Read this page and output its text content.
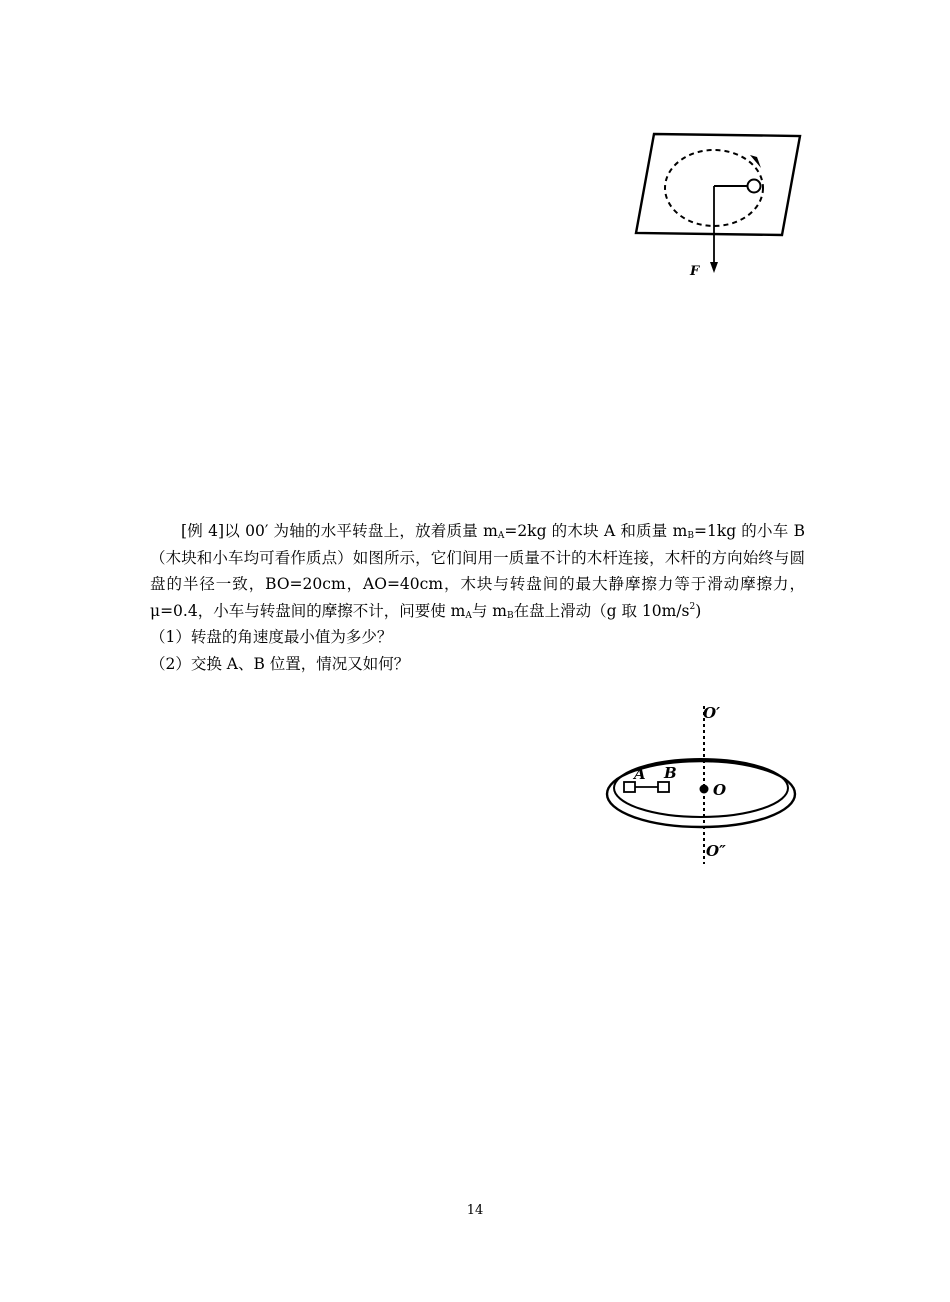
F

[例 4]以 00′ 为轴的水平转盘上，放着质量 $m_A=2kg$ 的木块 A 和质量 $m_B=1kg$ 的小车 B（木块和小车均可看作质点）如图所示，它们间用一质量不计的木杆连接，木杆的方向始终与圆盘的半径一致，BO=20cm，AO=40cm，木块与转盘间的最大静摩擦力等于滑动摩擦力，μ=0.4，小车与转盘间的摩擦不计，问要使 $m_A$与 $m_B$在盘上滑动（g 取 $10m/s^2$)

（1）转盘的角速度最小值为多少？

（2）交换 A、B 位置，情况又如何？

A B
O
O′
O″
14
